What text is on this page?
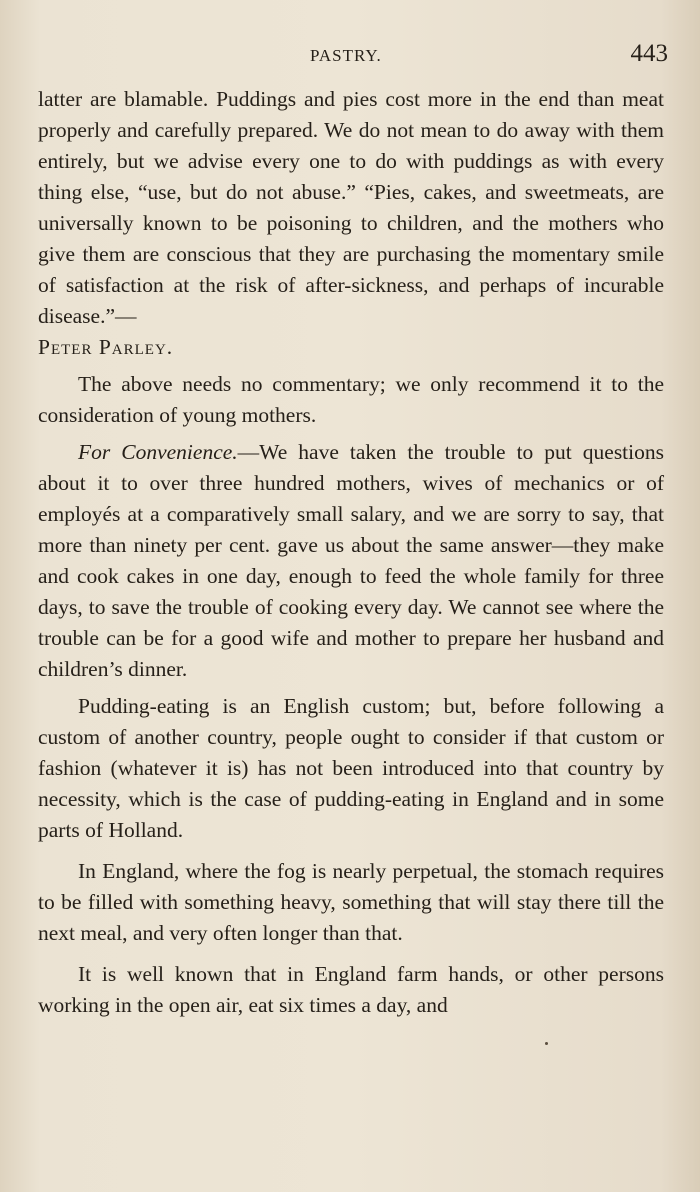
PASTRY.	443

latter are blamable. Puddings and pies cost more in the end than meat properly and carefully prepared. We do not mean to do away with them entirely, but we advise every one to do with puddings as with every thing else, “use, but do not abuse.” “Pies, cakes, and sweetmeats, are universally known to be poisoning to children, and the mothers who give them are conscious that they are purchasing the momentary smile of satisfaction at the risk of after-sickness, and perhaps of incurable disease.”—
Peter Parley.

The above needs no commentary; we only recommend it to the consideration of young mothers.

For Convenience.—We have taken the trouble to put questions about it to over three hundred mothers, wives of mechanics or of employés at a comparatively small salary, and we are sorry to say, that more than ninety per cent. gave us about the same answer—they make and cook cakes in one day, enough to feed the whole family for three days, to save the trouble of cooking every day. We cannot see where the trouble can be for a good wife and mother to prepare her husband and children’s dinner.

Pudding-eating is an English custom; but, before following a custom of another country, people ought to consider if that custom or fashion (whatever it is) has not been introduced into that country by necessity, which is the case of pudding-eating in England and in some parts of Holland.

In England, where the fog is nearly perpetual, the stomach requires to be filled with something heavy, something that will stay there till the next meal, and very often longer than that.

It is well known that in England farm hands, or other persons working in the open air, eat six times a day, and
